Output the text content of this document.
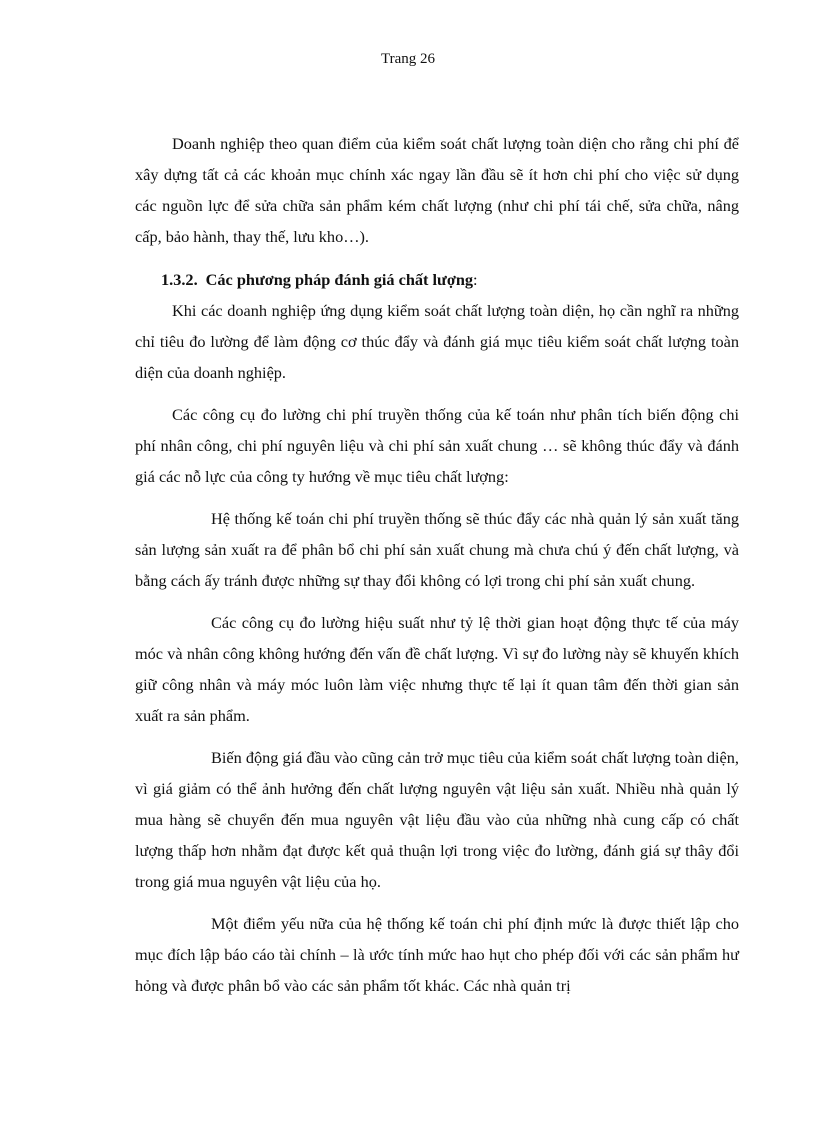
Trang 26

Doanh nghiệp theo quan điểm của kiểm soát chất lượng toàn diện cho rằng chi phí để xây dựng tất cả các khoản mục chính xác ngay lần đầu sẽ ít hơn chi phí cho việc sử dụng các nguồn lực để sửa chữa sản phẩm kém chất lượng (như chi phí tái chế, sửa chữa, nâng cấp, bảo hành, thay thế, lưu kho…).

1.3.2. Các phương pháp đánh giá chất lượng:

Khi các doanh nghiệp ứng dụng kiểm soát chất lượng toàn diện, họ cần nghĩ ra những chỉ tiêu đo lường để làm động cơ thúc đẩy và đánh giá mục tiêu kiểm soát chất lượng toàn diện của doanh nghiệp.

Các công cụ đo lường chi phí truyền thống của kế toán như phân tích biến động chi phí nhân công, chi phí nguyên liệu và chi phí sản xuất chung … sẽ không thúc đẩy và đánh giá các nỗ lực của công ty hướng về mục tiêu chất lượng:

Hệ thống kế toán chi phí truyền thống sẽ thúc đẩy các nhà quản lý sản xuất tăng sản lượng sản xuất ra để phân bổ chi phí sản xuất chung mà chưa chú ý đến chất lượng, và bằng cách ấy tránh được những sự thay đổi không có lợi trong chi phí sản xuất chung.

Các công cụ đo lường hiệu suất như tỷ lệ thời gian hoạt động thực tế của máy móc và nhân công không hướng đến vấn đề chất lượng. Vì sự đo lường này sẽ khuyến khích giữ công nhân và máy móc luôn làm việc nhưng thực tế lại ít quan tâm đến thời gian sản xuất ra sản phẩm.

Biến động giá đầu vào cũng cản trở mục tiêu của kiểm soát chất lượng toàn diện, vì giá giảm có thể ảnh hưởng đến chất lượng nguyên vật liệu sản xuất. Nhiều nhà quản lý mua hàng sẽ chuyển đến mua nguyên vật liệu đầu vào của những nhà cung cấp có chất lượng thấp hơn nhằm đạt được kết quả thuận lợi trong việc đo lường, đánh giá sự thây đổi trong giá mua nguyên vật liệu của họ.

Một điểm yếu nữa của hệ thống kế toán chi phí định mức là được thiết lập cho mục đích lập báo cáo tài chính – là ước tính mức hao hụt cho phép đối với các sản phẩm hư hỏng và được phân bổ vào các sản phẩm tốt khác. Các nhà quản trị
